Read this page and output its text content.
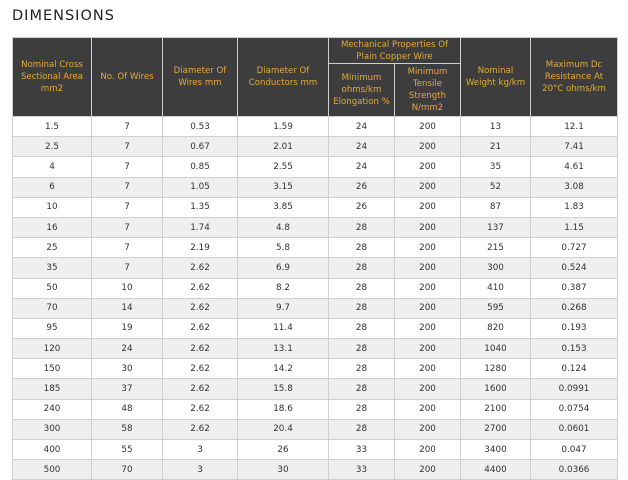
DIMENSIONS
Nominal Cross Sectional Area mm2	No. Of Wires	Diameter Of Wires mm	Diameter Of Conductors mm	Mechanical Properties Of Plain Copper Wire		Nominal Weight kg/km	Maximum Dc Resistance At 20°C ohms/km
				Minimum ohms/km Elongation %	Minimum Tensile Strength N/mm2		
1.5	7	0.53	1.59	24	200	13	12.1
2.5	7	0.67	2.01	24	200	21	7.41
4	7	0.85	2.55	24	200	35	4.61
6	7	1.05	3.15	26	200	52	3.08
10	7	1.35	3.85	26	200	87	1.83
16	7	1.74	4.8	28	200	137	1.15
25	7	2.19	5.8	28	200	215	0.727
35	7	2.62	6.9	28	200	300	0.524
50	10	2.62	8.2	28	200	410	0.387
70	14	2.62	9.7	28	200	595	0.268
95	19	2.62	11.4	28	200	820	0.193
120	24	2.62	13.1	28	200	1040	0.153
150	30	2.62	14.2	28	200	1280	0.124
185	37	2.62	15.8	28	200	1600	0.0991
240	48	2.62	18.6	28	200	2100	0.0754
300	58	2.62	20.4	28	200	2700	0.0601
400	55	3	26	33	200	3400	0.047
500	70	3	30	33	200	4400	0.0366
